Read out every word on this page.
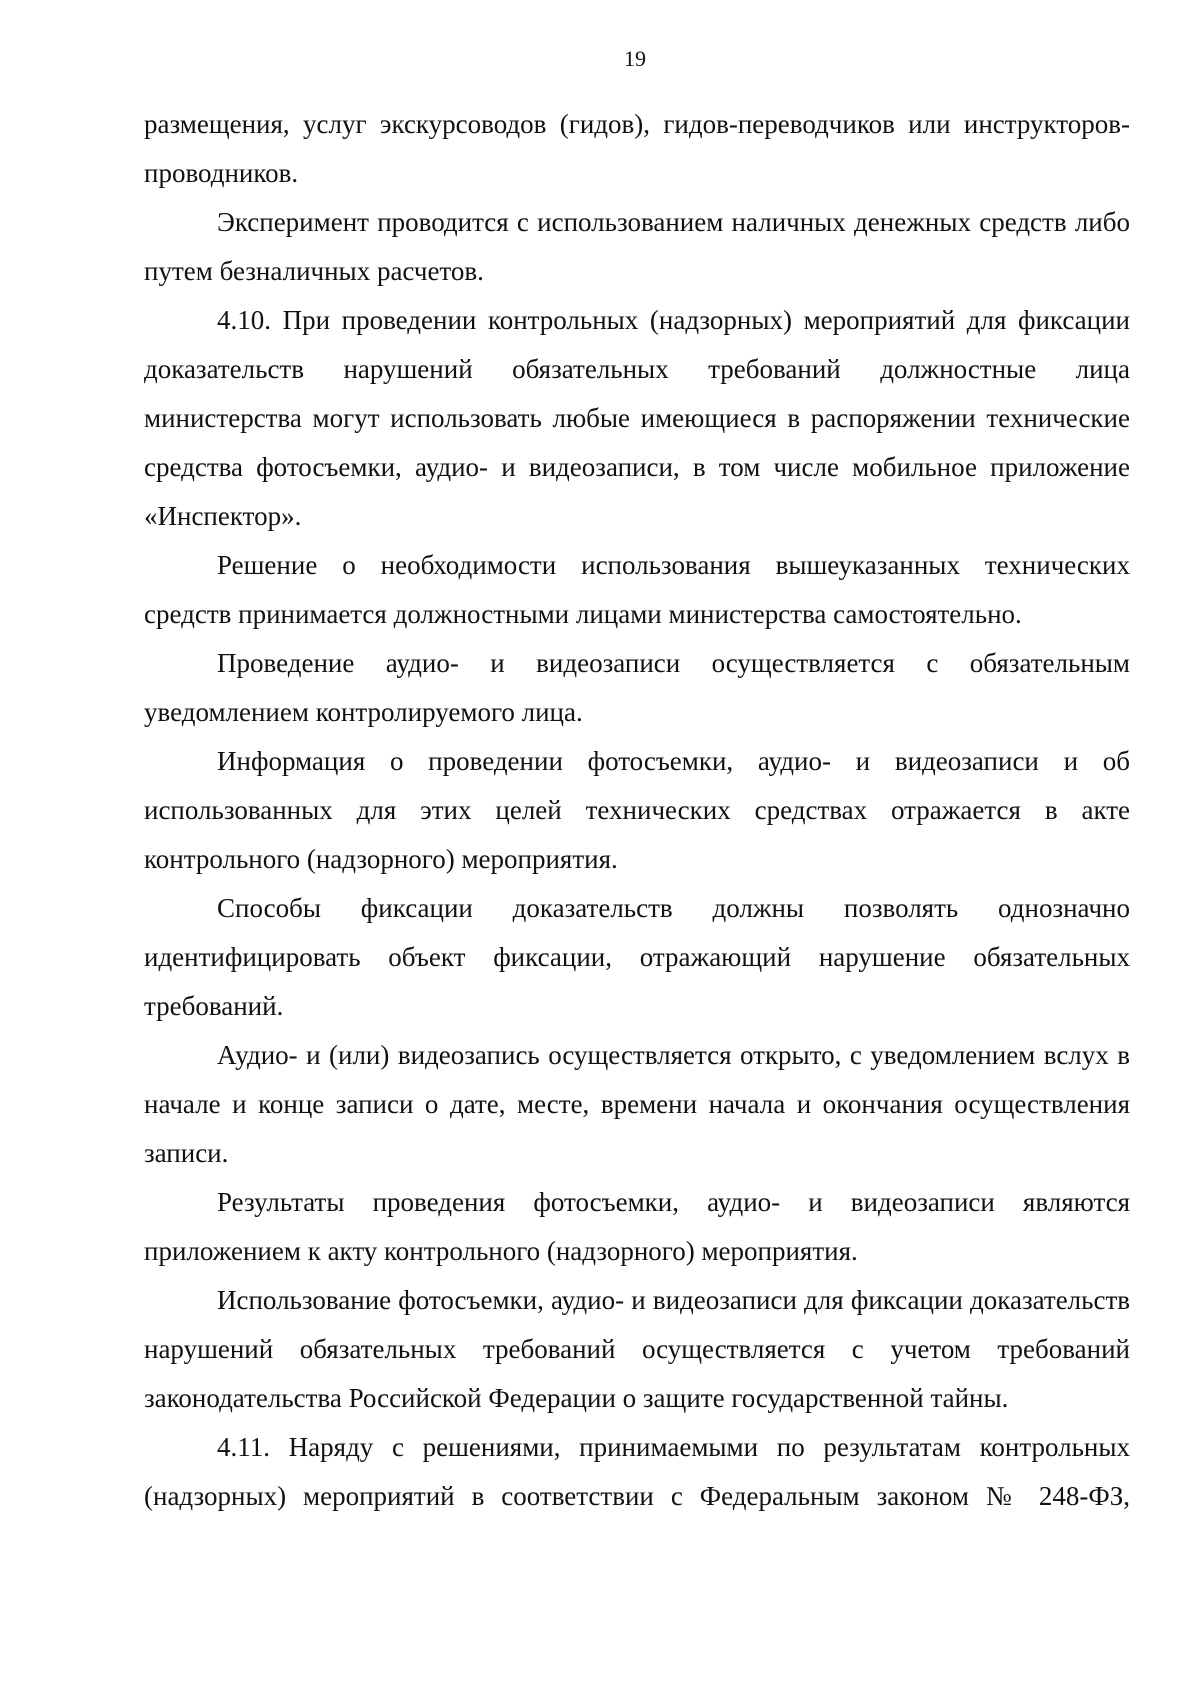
19

размещения, услуг экскурсоводов (гидов), гидов-переводчиков или инструкторов-проводников.

Эксперимент проводится с использованием наличных денежных средств либо путем безналичных расчетов.

4.10. При проведении контрольных (надзорных) мероприятий для фиксации доказательств нарушений обязательных требований должностные лица министерства могут использовать любые имеющиеся в распоряжении технические средства фотосъемки, аудио- и видеозаписи, в том числе мобильное приложение «Инспектор».

Решение о необходимости использования вышеуказанных технических средств принимается должностными лицами министерства самостоятельно.

Проведение аудио- и видеозаписи осуществляется с обязательным уведомлением контролируемого лица.

Информация о проведении фотосъемки, аудио- и видеозаписи и об использованных для этих целей технических средствах отражается в акте контрольного (надзорного) мероприятия.

Способы фиксации доказательств должны позволять однозначно идентифицировать объект фиксации, отражающий нарушение обязательных требований.

Аудио- и (или) видеозапись осуществляется открыто, с уведомлением вслух в начале и конце записи о дате, месте, времени начала и окончания осуществления записи.

Результаты проведения фотосъемки, аудио- и видеозаписи являются приложением к акту контрольного (надзорного) мероприятия.

Использование фотосъемки, аудио- и видеозаписи для фиксации доказательств нарушений обязательных требований осуществляется с учетом требований законодательства Российской Федерации о защите государственной тайны.

4.11. Наряду с решениями, принимаемыми по результатам контрольных (надзорных) мероприятий в соответствии с Федеральным законом № 248-ФЗ,
